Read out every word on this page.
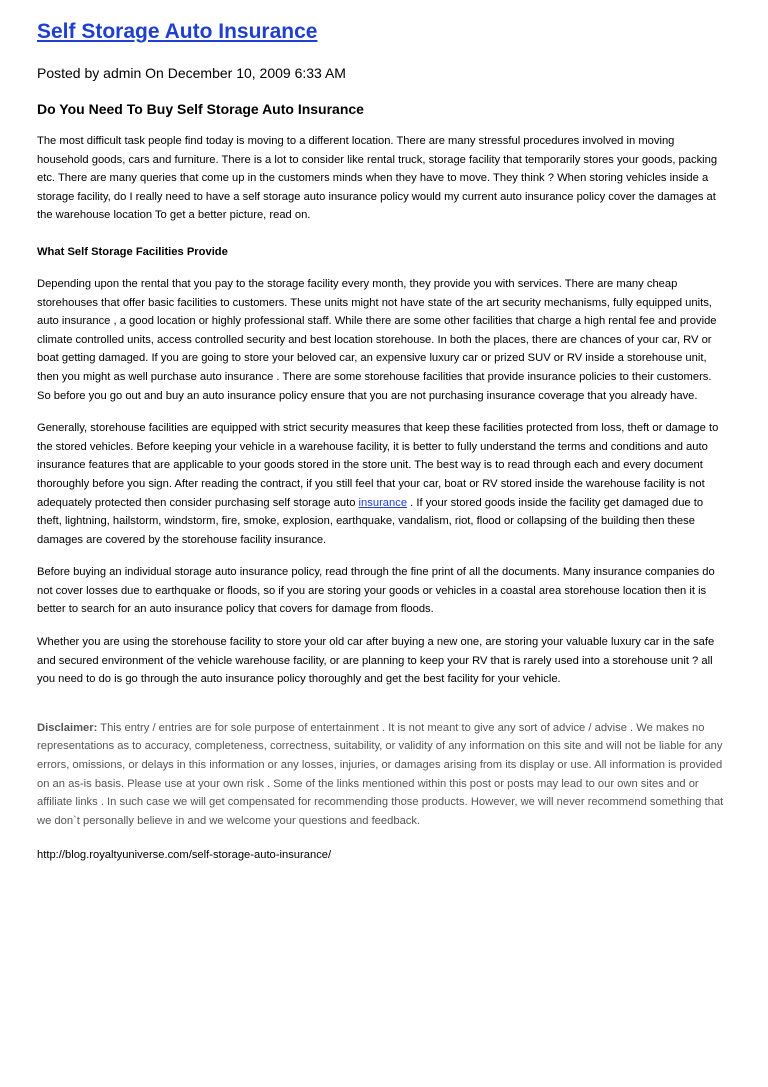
Self Storage Auto Insurance
Posted by admin On December 10, 2009 6:33 AM
Do You Need To Buy Self Storage Auto Insurance

The most difficult task people find today is moving to a different location. There are many stressful procedures involved in moving household goods, cars and furniture. There is a lot to consider like rental truck, storage facility that temporarily stores your goods, packing etc. There are many queries that come up in the customers minds when they have to move. They think ? When storing vehicles inside a storage facility, do I really need to have a self storage auto insurance policy would my current auto insurance policy cover the damages at the warehouse location To get a better picture, read on.

What Self Storage Facilities Provide

Depending upon the rental that you pay to the storage facility every month, they provide you with services. There are many cheap storehouses that offer basic facilities to customers. These units might not have state of the art security mechanisms, fully equipped units, auto insurance , a good location or highly professional staff. While there are some other facilities that charge a high rental fee and provide climate controlled units, access controlled security and best location storehouse. In both the places, there are chances of your car, RV or boat getting damaged. If you are going to store your beloved car, an expensive luxury car or prized SUV or RV inside a storehouse unit, then you might as well purchase auto insurance . There are some storehouse facilities that provide insurance policies to their customers. So before you go out and buy an auto insurance policy ensure that you are not purchasing insurance coverage that you already have.

Generally, storehouse facilities are equipped with strict security measures that keep these facilities protected from loss, theft or damage to the stored vehicles. Before keeping your vehicle in a warehouse facility, it is better to fully understand the terms and conditions and auto insurance features that are applicable to your goods stored in the store unit. The best way is to read through each and every document thoroughly before you sign. After reading the contract, if you still feel that your car, boat or RV stored inside the warehouse facility is not adequately protected then consider purchasing self storage auto insurance . If your stored goods inside the facility get damaged due to theft, lightning, hailstorm, windstorm, fire, smoke, explosion, earthquake, vandalism, riot, flood or collapsing of the building then these damages are covered by the storehouse facility insurance.

Before buying an individual storage auto insurance policy, read through the fine print of all the documents. Many insurance companies do not cover losses due to earthquake or floods, so if you are storing your goods or vehicles in a coastal area storehouse location then it is better to search for an auto insurance policy that covers for damage from floods.

Whether you are using the storehouse facility to store your old car after buying a new one, are storing your valuable luxury car in the safe and secured environment of the vehicle warehouse facility, or are planning to keep your RV that is rarely used into a storehouse unit ? all you need to do is go through the auto insurance policy thoroughly and get the best facility for your vehicle.

Disclaimer: This entry / entries are for sole purpose of entertainment . It is not meant to give any sort of advice / advise . We makes no representations as to accuracy, completeness, correctness, suitability, or validity of any information on this site and will not be liable for any errors, omissions, or delays in this information or any losses, injuries, or damages arising from its display or use. All information is provided on an as-is basis. Please use at your own risk . Some of the links mentioned within this post or posts may lead to our own sites and or affiliate links . In such case we will get compensated for recommending those products. However, we will never recommend something that we don`t personally believe in and we welcome your questions and feedback.
http://blog.royaltyuniverse.com/self-storage-auto-insurance/
